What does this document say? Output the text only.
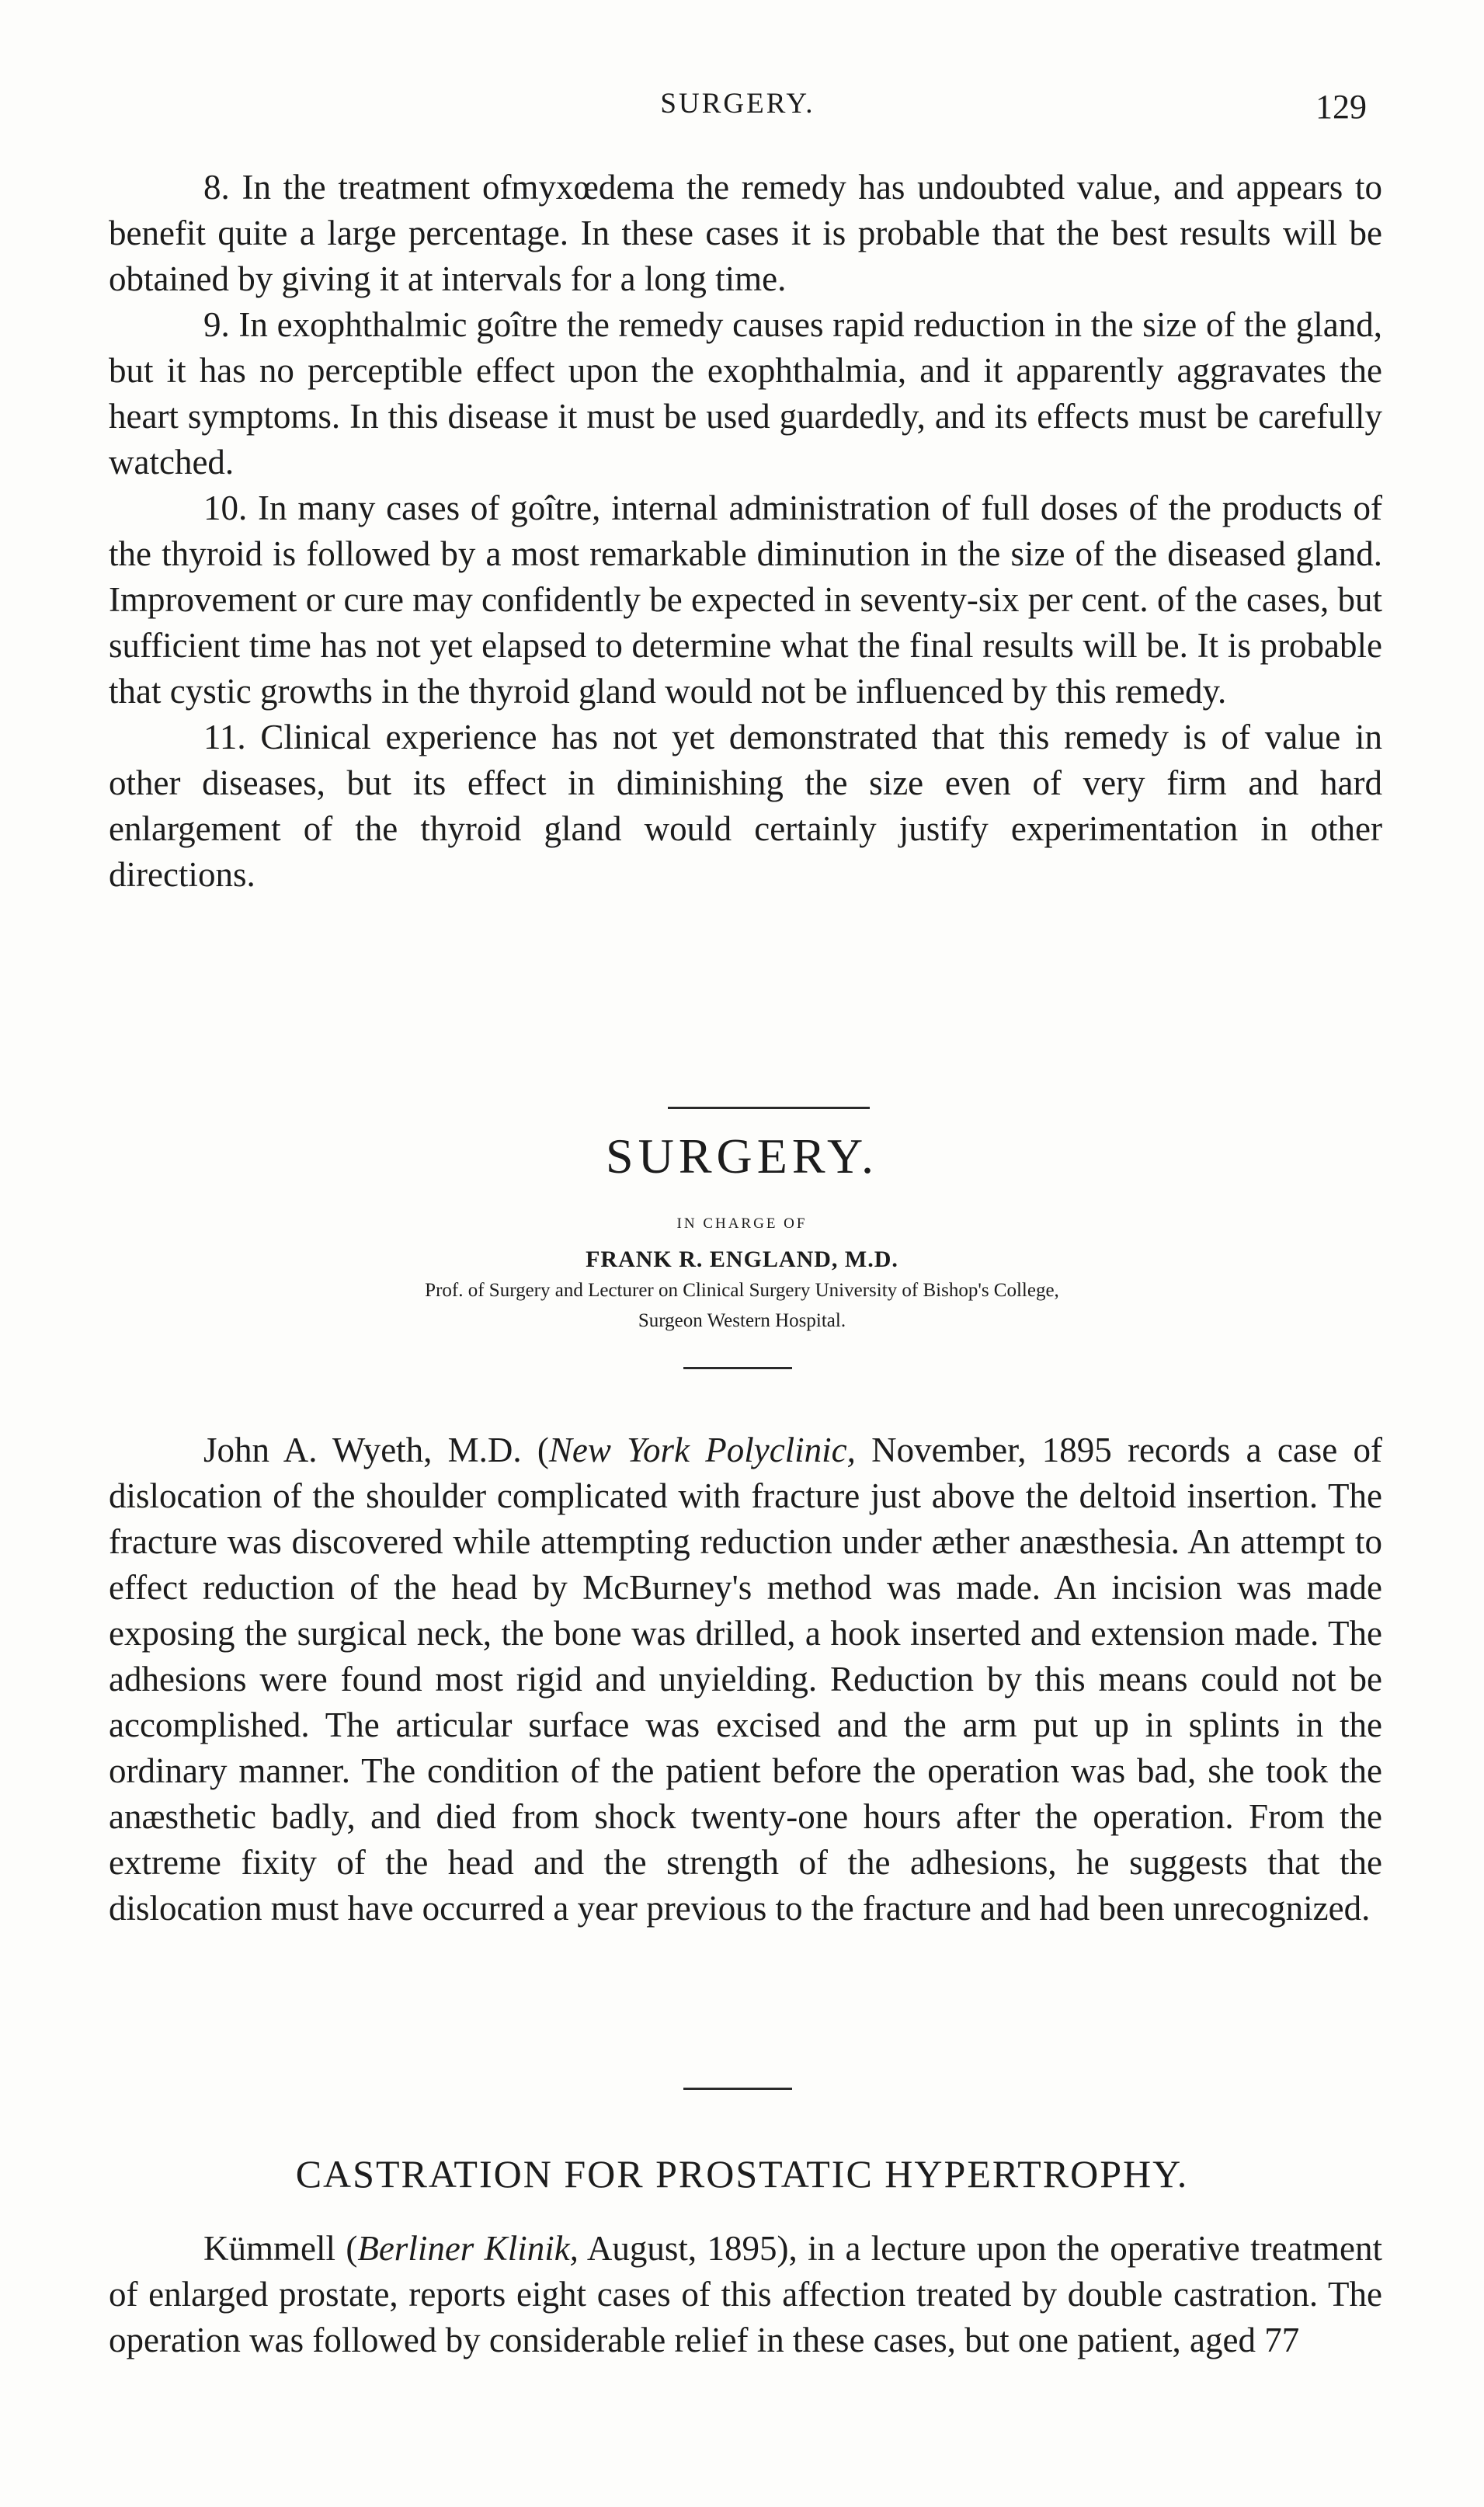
SURGERY.	129

8. In the treatment ofmyxœdema the remedy has undoubted value, and appears to benefit quite a large percentage. In these cases it is probable that the best results will be obtained by giving it at intervals for a long time.

9. In exophthalmic goître the remedy causes rapid reduction in the size of the gland, but it has no perceptible effect upon the exophthalmia, and it apparently aggravates the heart symptoms. In this disease it must be used guardedly, and its effects must be carefully watched.

10. In many cases of goître, internal administration of full doses of the products of the thyroid is followed by a most remarkable diminution in the size of the diseased gland. Improvement or cure may confidently be expected in seventy-six per cent. of the cases, but sufficient time has not yet elapsed to determine what the final results will be. It is probable that cystic growths in the thyroid gland would not be influenced by this remedy.

11. Clinical experience has not yet demonstrated that this remedy is of value in other diseases, but its effect in diminishing the size even of very firm and hard enlargement of the thyroid gland would certainly justify experimentation in other directions.

SURGERY.
IN CHARGE OF
FRANK R. ENGLAND, M.D.
Prof. of Surgery and Lecturer on Clinical Surgery University of Bishop's College,
Surgeon Western Hospital.

John A. Wyeth, M.D. (New York Polyclinic, November, 1895 records a case of dislocation of the shoulder complicated with fracture just above the deltoid insertion. The fracture was discovered while attempting reduction under æther anæsthesia. An attempt to effect reduction of the head by McBurney's method was made. An incision was made exposing the surgical neck, the bone was drilled, a hook inserted and extension made. The adhesions were found most rigid and unyielding. Reduction by this means could not be accomplished. The articular surface was excised and the arm put up in splints in the ordinary manner. The condition of the patient before the operation was bad, she took the anæsthetic badly, and died from shock twenty-one hours after the operation. From the extreme fixity of the head and the strength of the adhesions, he suggests that the dislocation must have occurred a year previous to the fracture and had been unrecognized.

CASTRATION FOR PROSTATIC HYPERTROPHY.

Kümmell (Berliner Klinik, August, 1895), in a lecture upon the operative treatment of enlarged prostate, reports eight cases of this affection treated by double castration. The operation was followed by considerable relief in these cases, but one patient, aged 77
